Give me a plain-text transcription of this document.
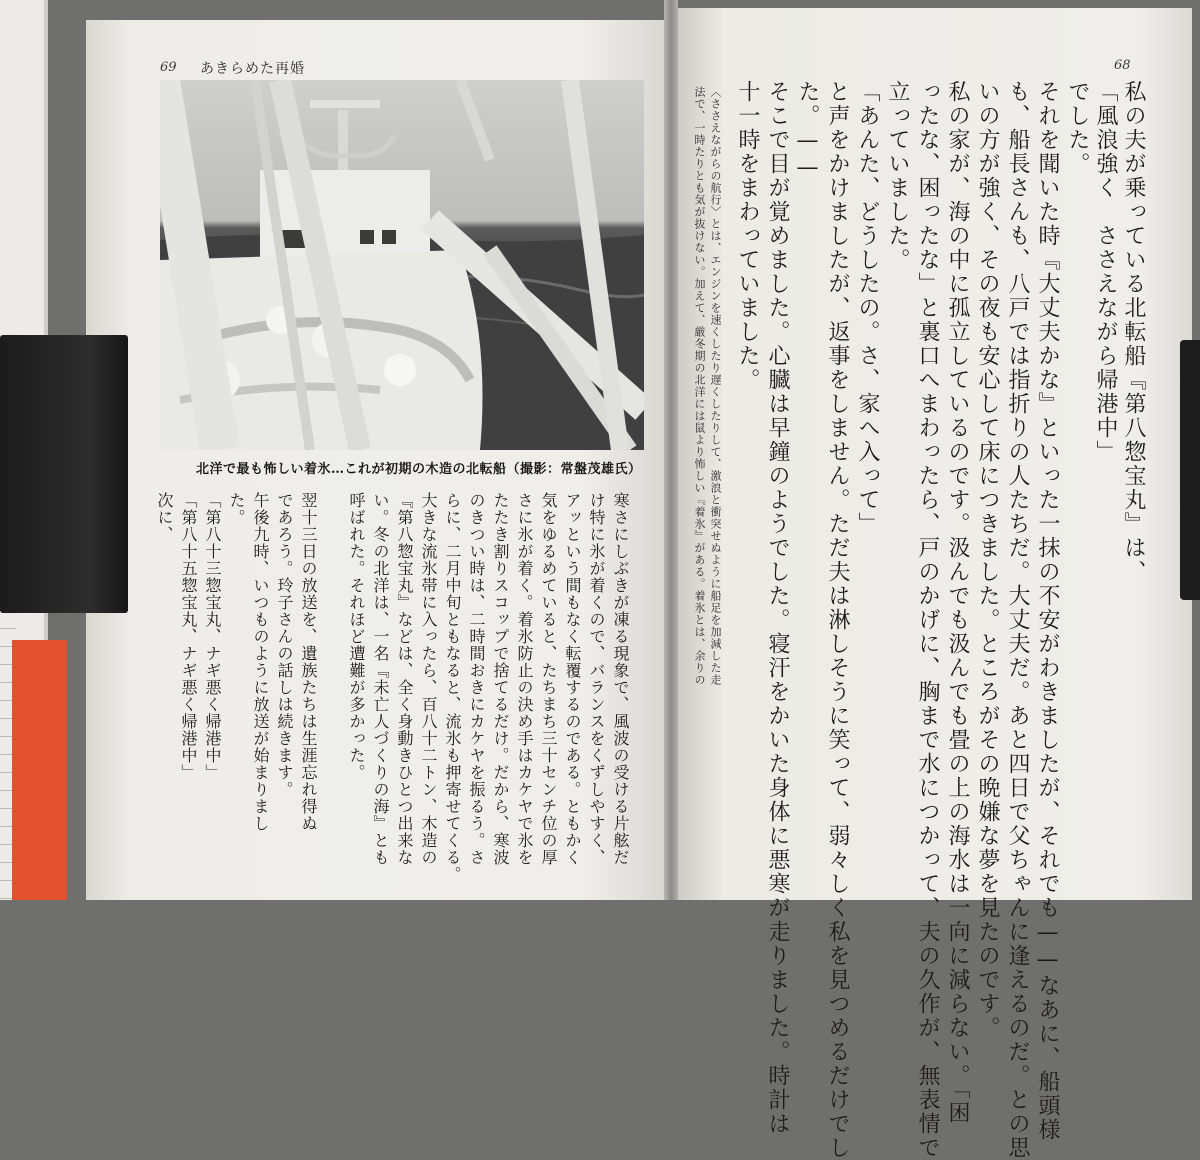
69 あきらめた再婚
北洋で最も怖しい着氷…これが初期の木造の北転船（撮影：常盤茂雄氏）
寒さにしぶきが凍る現象で、風波の受ける片舷だ
け特に氷が着くので、バランスをくずしやすく、
アッという間もなく転覆するのである。ともかく
気をゆるめていると、たちまち三十センチ位の厚
さに氷が着く。着氷防止の決め手はカケヤで氷を
たたき割りスコップで捨てるだけ。だから、寒波
のきつい時は、二時間おきにカケヤを振るう。さ
らに、二月中旬ともなると、流氷も押寄せてくる。
大きな流氷帯に入ったら、百八十二トン、木造の
『第八惣宝丸』などは、全く身動きひとつ出来な
い。冬の北洋は、一名『未亡人づくりの海』とも
呼ばれた。それほど遭難が多かった。
翌十三日の放送を、遺族たちは生涯忘れ得ぬ
であろう。玲子さんの話しは続きます。
午後九時、いつものように放送が始まりまし
た。
「第八十三惣宝丸、ナギ悪く帰港中」
「第八十五惣宝丸、ナギ悪く帰港中」
次に、
68
私の夫が乗っている北転船『第八惣宝丸』は、
「風浪強く　ささえながら帰港中」
でした。
それを聞いた時『大丈夫かな』といった一抹の不安がわきましたが、それでも——なあに、船頭様
も、船長さんも、八戸では指折りの人たちだ。大丈夫だ。あと四日で父ちゃんに逢えるのだ。との思
いの方が強く、その夜も安心して床につきました。ところがその晩嫌な夢を見たのです。
私の家が、海の中に孤立しているのです。汲んでも汲んでも畳の上の海水は一向に減らない。「困
ったな、困ったな」と裏口へまわったら、戸のかげに、胸まで水につかって、夫の久作が、無表情で
立っていました。
「あんた、どうしたの。さ、家へ入って」
と声をかけましたが、返事をしません。ただ夫は淋しそうに笑って、弱々しく私を見つめるだけでし
た。——
そこで目が覚めました。心臓は早鐘のようでした。寝汗をかいた身体に悪寒が走りました。時計は
十一時をまわっていました。
〈ささえながらの航行〉とは、エンジンを速くしたり遅くしたりして、激浪と衝突せぬように船足を加減した走
法で、一時たりとも気が抜けない。加えて、厳冬期の北洋には鼠より怖しい『着氷』がある。着氷とは、余りの
